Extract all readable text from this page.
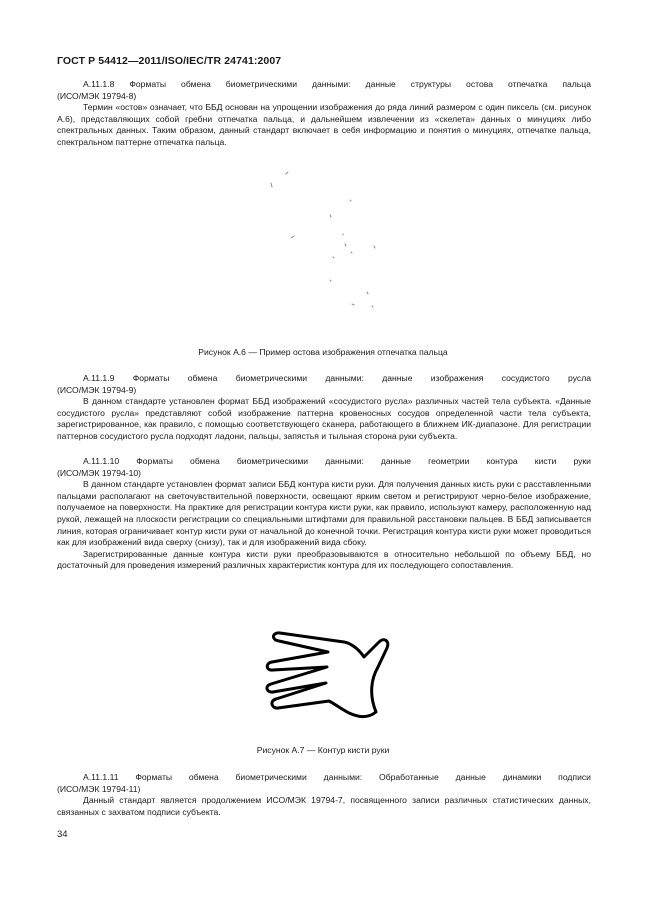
ГОСТ Р 54412—2011/ISO/IEC/TR 24741:2007

А.11.1.8 Форматы обмена биометрическими данными: данные структуры остова отпечатка пальца

(ИСО/МЭК 19794-8)

Термин «остов» означает, что ББД основан на упрощении изображения до ряда линий размером с один пиксель (см. рисунок А.6), представляющих собой гребни отпечатка пальца, и дальнейшем извлечении из «скелета» данных о минуциях либо спектральных данных. Таким образом, данный стандарт включает в себя информацию и понятия о минуциях, отпечатке пальца, спектральном паттерне отпечатка пальца.

Рисунок А.6 — Пример остова изображения отпечатка пальца

А.11.1.9 Форматы обмена биометрическими данными: данные изображения сосудистого русла

(ИСО/МЭК 19794-9)

В данном стандарте установлен формат ББД изображений «сосудистого русла» различных частей тела субъекта. «Данные сосудистого русла» представляют собой изображение паттерна кровеносных сосудов определенной части тела субъекта, зарегистрированное, как правило, с помощью соответствующего сканера, работающего в ближнем ИК-диапазоне. Для регистрации паттернов сосудистого русла подходят ладони, пальцы, запястья и тыльная сторона руки субъекта.

А.11.1.10 Форматы обмена биометрическими данными: данные геометрии контура кисти руки

(ИСО/МЭК 19794-10)

В данном стандарте установлен формат записи ББД контура кисти руки. Для получения данных кисть руки с расставленными пальцами располагают на светочувствительной поверхности, освещают ярким светом и регистрируют черно-белое изображение, получаемое на поверхности. На практике для регистрации контура кисти руки, как правило, используют камеру, расположенную над рукой, лежащей на плоскости регистрации со специальными штифтами для правильной расстановки пальцев. В ББД записывается линия, которая ограничивает контур кисти руки от начальной до конечной точки. Регистрация контура кисти руки может проводиться как для изображений вида сверху (снизу), так и для изображений вида сбоку.

Зарегистрированные данные контура кисти руки преобразовываются в относительно небольшой по объему ББД, но достаточный для проведения измерений различных характеристик контура для их последующего сопоставления.

Рисунок А.7 — Контур кисти руки

А.11.1.11 Форматы обмена биометрическими данными: Обработанные данные динамики подписи

(ИСО/МЭК 19794-11)

Данный стандарт является продолжением ИСО/МЭК 19794-7, посвященного записи различных статистических данных, связанных с захватом подписи субъекта.

34
